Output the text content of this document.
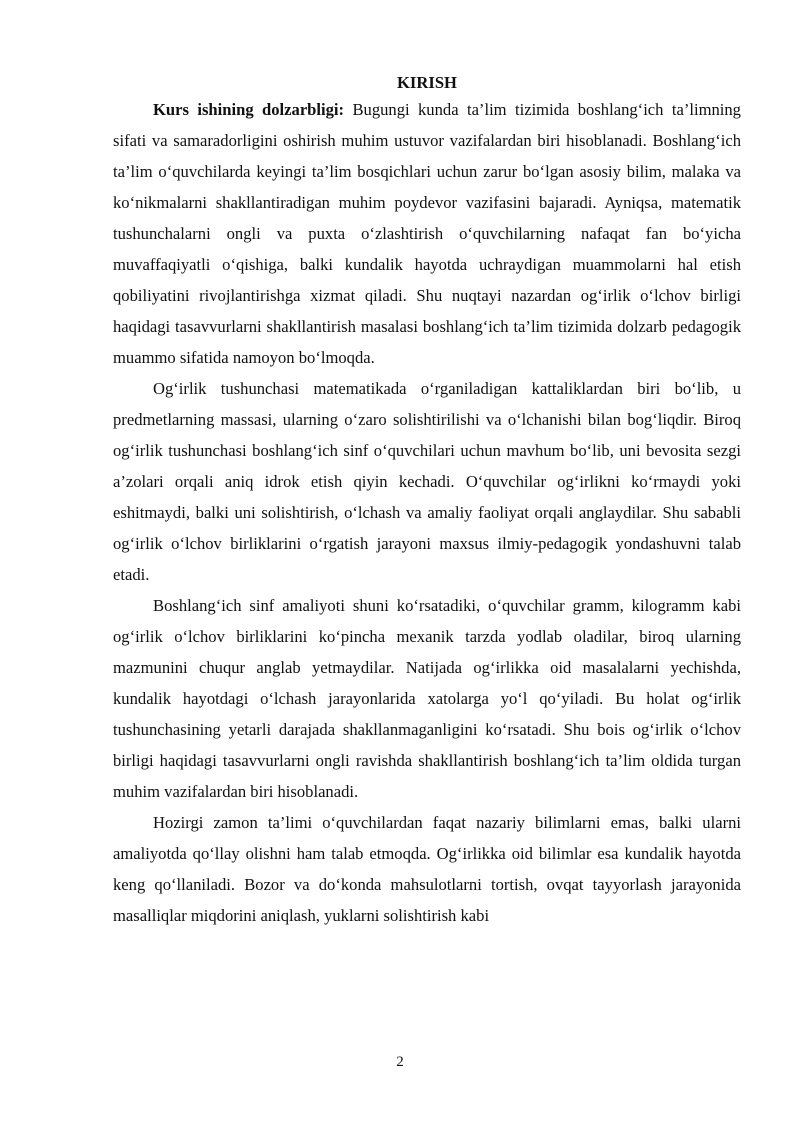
KIRISH

Kurs ishining dolzarbligi: Bugungi kunda ta’lim tizimida boshlang‘ich ta’limning sifati va samaradorligini oshirish muhim ustuvor vazifalardan biri hisoblanadi. Boshlang‘ich ta’lim o‘quvchilarda keyingi ta’lim bosqichlari uchun zarur bo‘lgan asosiy bilim, malaka va ko‘nikmalarni shakllantiradigan muhim poydevor vazifasini bajaradi. Ayniqsa, matematik tushunchalarni ongli va puxta o‘zlashtirish o‘quvchilarning nafaqat fan bo‘yicha muvaffaqiyatli o‘qishiga, balki kundalik hayotda uchraydigan muammolarni hal etish qobiliyatini rivojlantirishga xizmat qiladi. Shu nuqtayi nazardan og‘irlik o‘lchov birligi haqidagi tasavvurlarni shakllantirish masalasi boshlang‘ich ta’lim tizimida dolzarb pedagogik muammo sifatida namoyon bo‘lmoqda.

Og‘irlik tushunchasi matematikada o‘rganiladigan kattaliklardan biri bo‘lib, u predmetlarning massasi, ularning o‘zaro solishtirilishi va o‘lchanishi bilan bog‘liqdir. Biroq og‘irlik tushunchasi boshlang‘ich sinf o‘quvchilari uchun mavhum bo‘lib, uni bevosita sezgi a’zolari orqali aniq idrok etish qiyin kechadi. O‘quvchilar og‘irlikni ko‘rmaydi yoki eshitmaydi, balki uni solishtirish, o‘lchash va amaliy faoliyat orqali anglaydilar. Shu sababli og‘irlik o‘lchov birliklarini o‘rgatish jarayoni maxsus ilmiy-pedagogik yondashuvni talab etadi.

Boshlang‘ich sinf amaliyoti shuni ko‘rsatadiki, o‘quvchilar gramm, kilogramm kabi og‘irlik o‘lchov birliklarini ko‘pincha mexanik tarzda yodlab oladilar, biroq ularning mazmunini chuqur anglab yetmaydilar. Natijada og‘irlikka oid masalalarni yechishda, kundalik hayotdagi o‘lchash jarayonlarida xatolarga yo‘l qo‘yiladi. Bu holat og‘irlik tushunchasining yetarli darajada shakllanmaganligini ko‘rsatadi. Shu bois og‘irlik o‘lchov birligi haqidagi tasavvurlarni ongli ravishda shakllantirish boshlang‘ich ta’lim oldida turgan muhim vazifalardan biri hisoblanadi.

Hozirgi zamon ta’limi o‘quvchilardan faqat nazariy bilimlarni emas, balki ularni amaliyotda qo‘llay olishni ham talab etmoqda. Og‘irlikka oid bilimlar esa kundalik hayotda keng qo‘llaniladi. Bozor va do‘konda mahsulotlarni tortish, ovqat tayyorlash jarayonida masalliqlar miqdorini aniqlash, yuklarni solishtirish kabi

2
